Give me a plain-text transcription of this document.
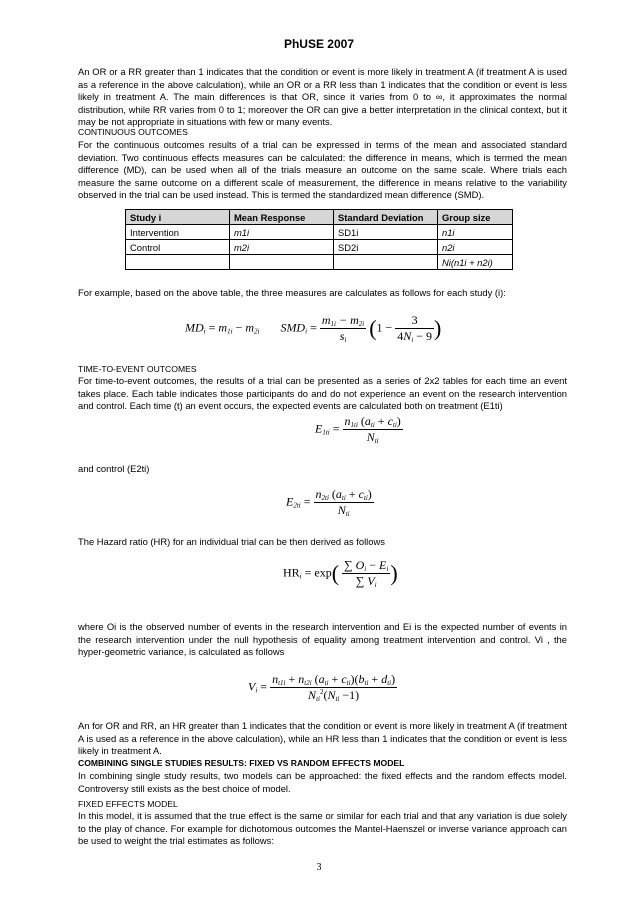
PhUSE 2007
An OR or a RR greater than 1 indicates that the condition or event is more likely in treatment A (if treatment A is used as a reference in the above calculation), while an OR or a RR less than 1 indicates that the condition or event is less likely in treatment A. The main differences is that OR, since it varies from 0 to ∞, it approximates the normal distribution, while RR varies from 0 to 1; moreover the OR can give a better interpretation in the clinical context, but it may be not appropriate in situations with few or many events.
CONTINUOUS OUTCOMES
For the continuous outcomes results of a trial can be expressed in terms of the mean and associated standard deviation. Two continuous effects measures can be calculated: the difference in means, which is termed the mean difference (MD), can be used when all of the trials measure an outcome on the same scale. Where trials each measure the same outcome on a different scale of measurement, the difference in means relative to the variability observed in the trial can be used instead. This is termed the standardized mean difference (SMD).
Study i	Mean Response	Standard Deviation	Group size
Intervention	m1i	SD1i	n1i
Control	m2i	SD2i	n2i
			Ni(n1i + n2i)
For example, based on the above table, the three measures are calculates as follows for each study (i):
$MD_i = m_{1i} - m_{2i}$       $SMD_i = \frac{m_{1i} - m_{2i}}{s_i} (1 - \frac{3}{4N_i - 9}$ )
TIME-TO-EVENT OUTCOMES
For time-to-event outcomes, the results of a trial can be presented as a series of 2x2 tables for each time an event takes place. Each table indicates those participants do and do not experience an event on the research intervention and control. Each time (t) an event occurs, the expected events are calculated both on treatment (E1ti)
$E_{1ti} = \frac{n_{1ti} (a_{ti} + c_{ti})}{N_{ti}}$
and control (E2ti)
$E_{2ti} = \frac{n_{2ti} (a_{ti} + c_{ti})}{N_{ti}}$
The Hazard ratio (HR) for an individual trial can be then derived as follows
$HR_i = \exp( \frac{\sum O_i - E_i}{\sum V_i}$ )
where Oi is the observed number of events in the research intervention and Ei is the expected number of events in the research intervention under the null hypothesis of equality among treatment intervention and control. Vi , the hyper-geometric variance, is calculated as follows
$V_i = \frac{n_{t1i} + n_{t2i} (a_{ti} + c_{ti})(b_{ti} + d_{ti})}{N_{ti}^2(N_{ti} -1)}$
An for OR and RR, an HR greater than 1 indicates that the condition or event is more likely in treatment A (if treatment A is used as a reference in the above calculation), while an HR less than 1 indicates that the condition or event is less likely in treatment A.
COMBINING SINGLE STUDIES RESULTS: FIXED VS RANDOM EFFECTS MODEL
In combining single study results, two models can be approached: the fixed effects and the random effects model. Controversy still exists as the best choice of model.
FIXED EFFECTS MODEL
In this model, it is assumed that the true effect is the same or similar for each trial and that any variation is due solely to the play of chance. For example for dichotomous outcomes the Mantel-Haenszel or inverse variance approach can be used to weight the trial estimates as follows:
3
